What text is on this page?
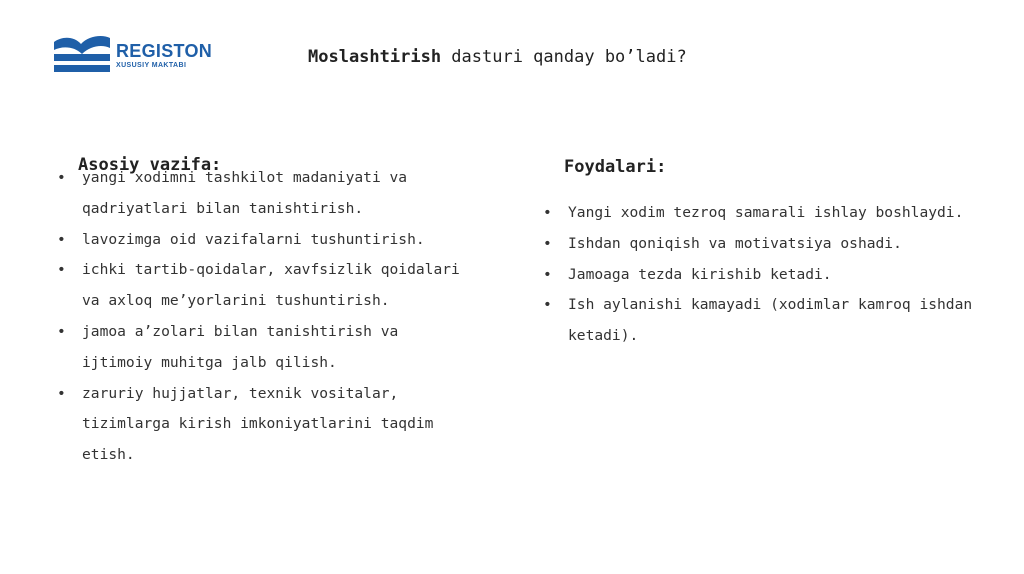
REGISTON
XUSUSIY MAKTABI	Moslashtirish dasturi qanday bo’ladi?
Asosiy vazifa:
• yangi xodimni tashkilot madaniyati va qadriyatlari bilan tanishtirish.
• lavozimga oid vazifalarni tushuntirish.
• ichki tartib-qoidalar, xavfsizlik qoidalari va axloq me’yorlarini tushuntirish.
• jamoa a’zolari bilan tanishtirish va ijtimoiy muhitga jalb qilish.
• zaruriy hujjatlar, texnik vositalar, tizimlarga kirish imkoniyatlarini taqdim etish.
Foydalari:
• Yangi xodim tezroq samarali ishlay boshlaydi.
• Ishdan qoniqish va motivatsiya oshadi.
• Jamoaga tezda kirishib ketadi.
• Ish aylanishi kamayadi (xodimlar kamroq ishdan ketadi).
